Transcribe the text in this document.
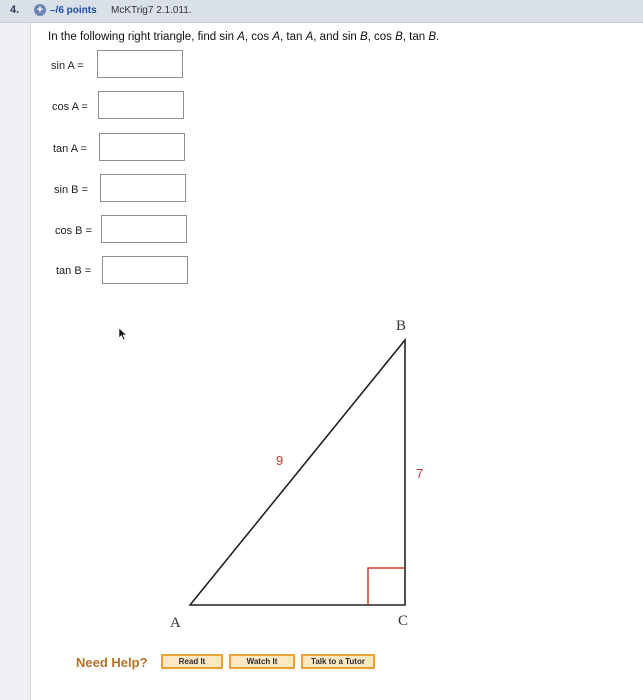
4. + –/6 points McKTrig7 2.1.011.
In the following right triangle, find sin A, cos A, tan A, and sin B, cos B, tan B.
sin A =
cos A =
tan A =
sin B =
cos B =
tan B =
A
B
C
9
7
Need Help?	Read It	Watch It	Talk to a Tutor
